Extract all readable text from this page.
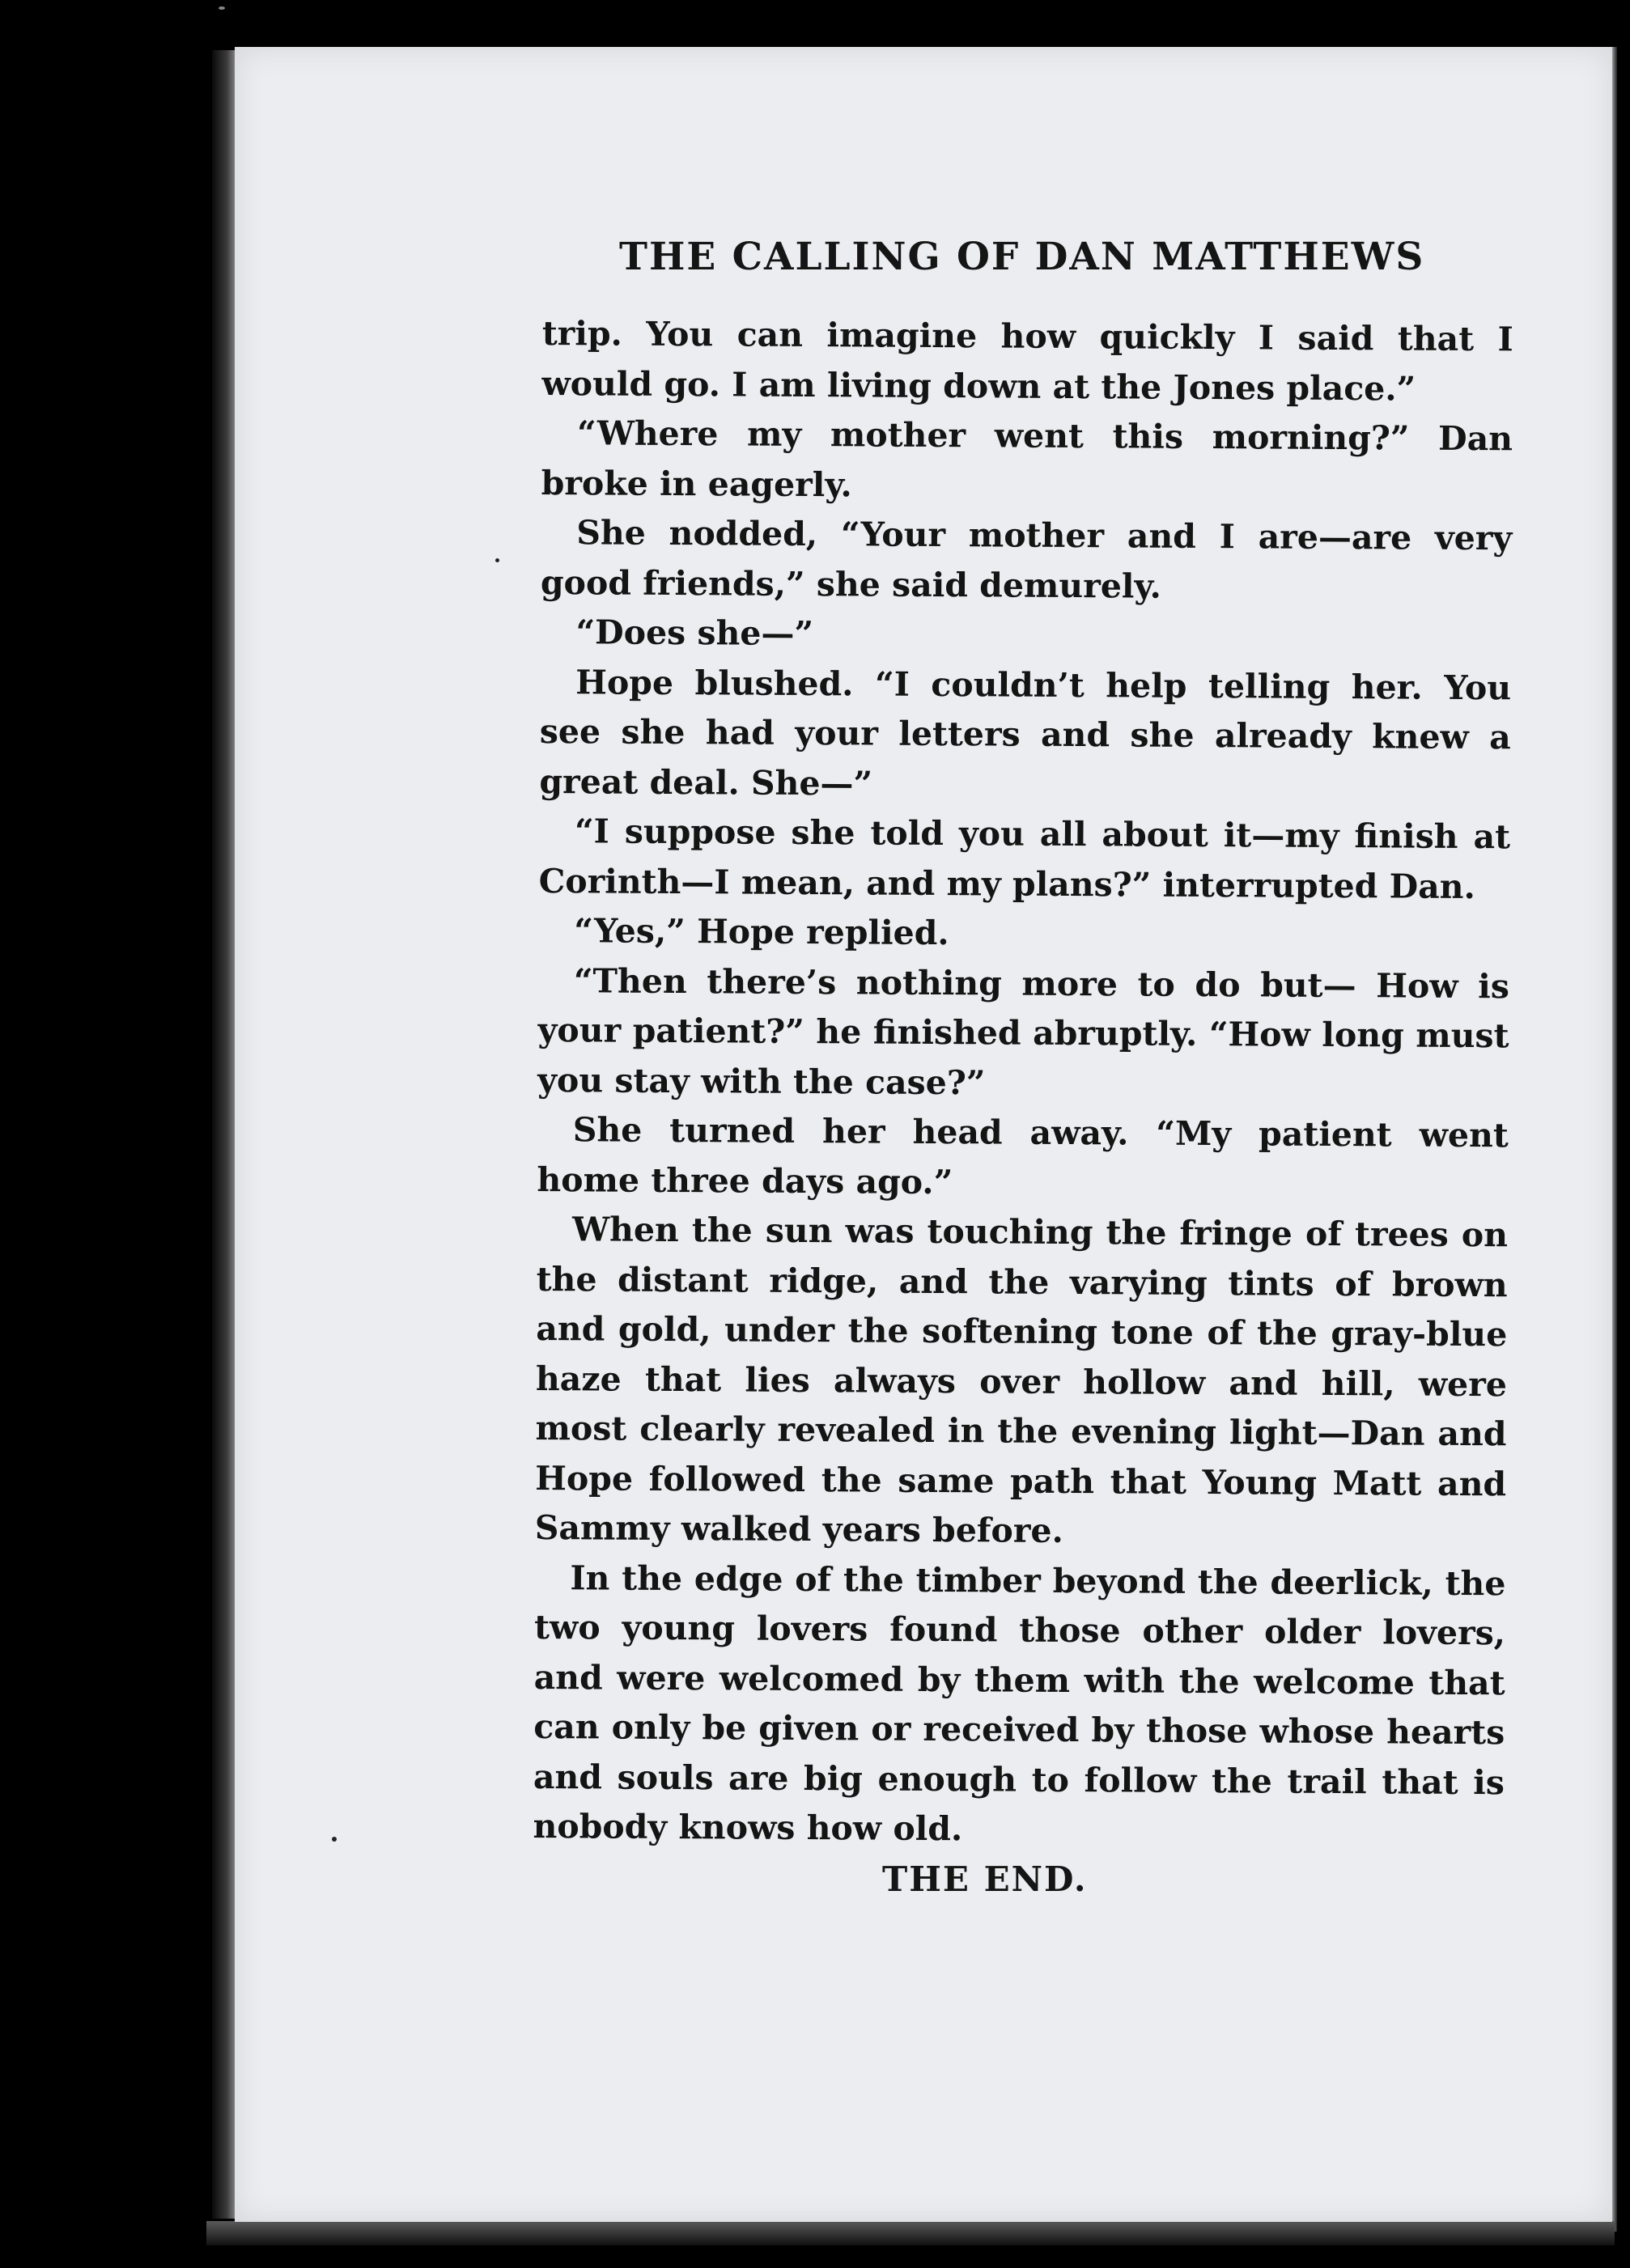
THE CALLING OF DAN MATTHEWS

trip. You can imagine how quickly I said that I would go. I am living down at the Jones place.”

“Where my mother went this morning?” Dan broke in eagerly.

She nodded, “Your mother and I are—are very good friends,” she said demurely.

“Does she—”

Hope blushed. “I couldn’t help telling her. You see she had your letters and she already knew a great deal. She—”

“I suppose she told you all about it—my finish at Corinth—I mean, and my plans?” interrupted Dan.

“Yes,” Hope replied.

“Then there’s nothing more to do but— How is your patient?” he finished abruptly. “How long must you stay with the case?”

She turned her head away. “My patient went home three days ago.”

When the sun was touching the fringe of trees on the distant ridge, and the varying tints of brown and gold, under the softening tone of the gray-blue haze that lies always over hollow and hill, were most clearly revealed in the evening light—Dan and Hope followed the same path that Young Matt and Sammy walked years before.

In the edge of the timber beyond the deerlick, the two young lovers found those other older lovers, and were welcomed by them with the welcome that can only be given or received by those whose hearts and souls are big enough to follow the trail that is nobody knows how old.

THE END.
